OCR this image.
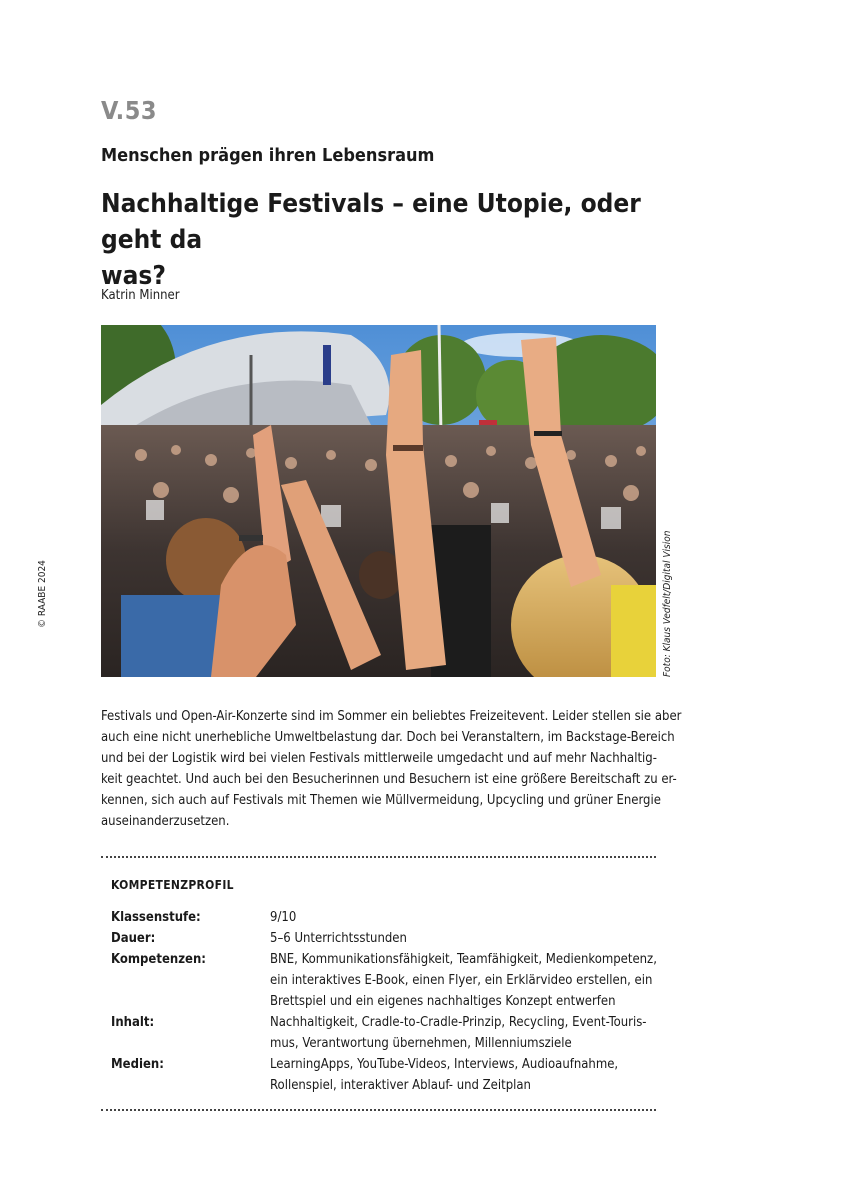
V.53
Menschen prägen ihren Lebensraum
Nachhaltige Festivals – eine Utopie, oder geht da
was?
Katrin Minner
Foto: Klaus Vedfelt/Digital Vision
© RAABE 2024
Festivals und Open-Air-Konzerte sind im Sommer ein beliebtes Freizeitevent. Leider stellen sie aber
auch eine nicht unerhebliche Umweltbelastung dar. Doch bei Veranstaltern, im Backstage-Bereich
und bei der Logistik wird bei vielen Festivals mittlerweile umgedacht und auf mehr Nachhaltig-
keit geachtet. Und auch bei den Besucherinnen und Besuchern ist eine größere Bereitschaft zu er-
kennen, sich auch auf Festivals mit Themen wie Müllvermeidung, Upcycling und grüner Energie
auseinanderzusetzen.
KOMPETENZPROFIL
Klassenstufe:	9/10
Dauer:	5–6 Unterrichtsstunden
Kompetenzen:	BNE, Kommunikationsfähigkeit, Teamfähigkeit, Medienkompetenz,
ein interaktives E-Book, einen Flyer, ein Erklärvideo erstellen, ein
Brettspiel und ein eigenes nachhaltiges Konzept entwerfen
Inhalt:	Nachhaltigkeit, Cradle-to-Cradle-Prinzip, Recycling, Event-Touris-
mus, Verantwortung übernehmen, Millenniumsziele
Medien:	LearningApps, YouTube-Videos, Interviews, Audioaufnahme,
Rollenspiel, interaktiver Ablauf- und Zeitplan
